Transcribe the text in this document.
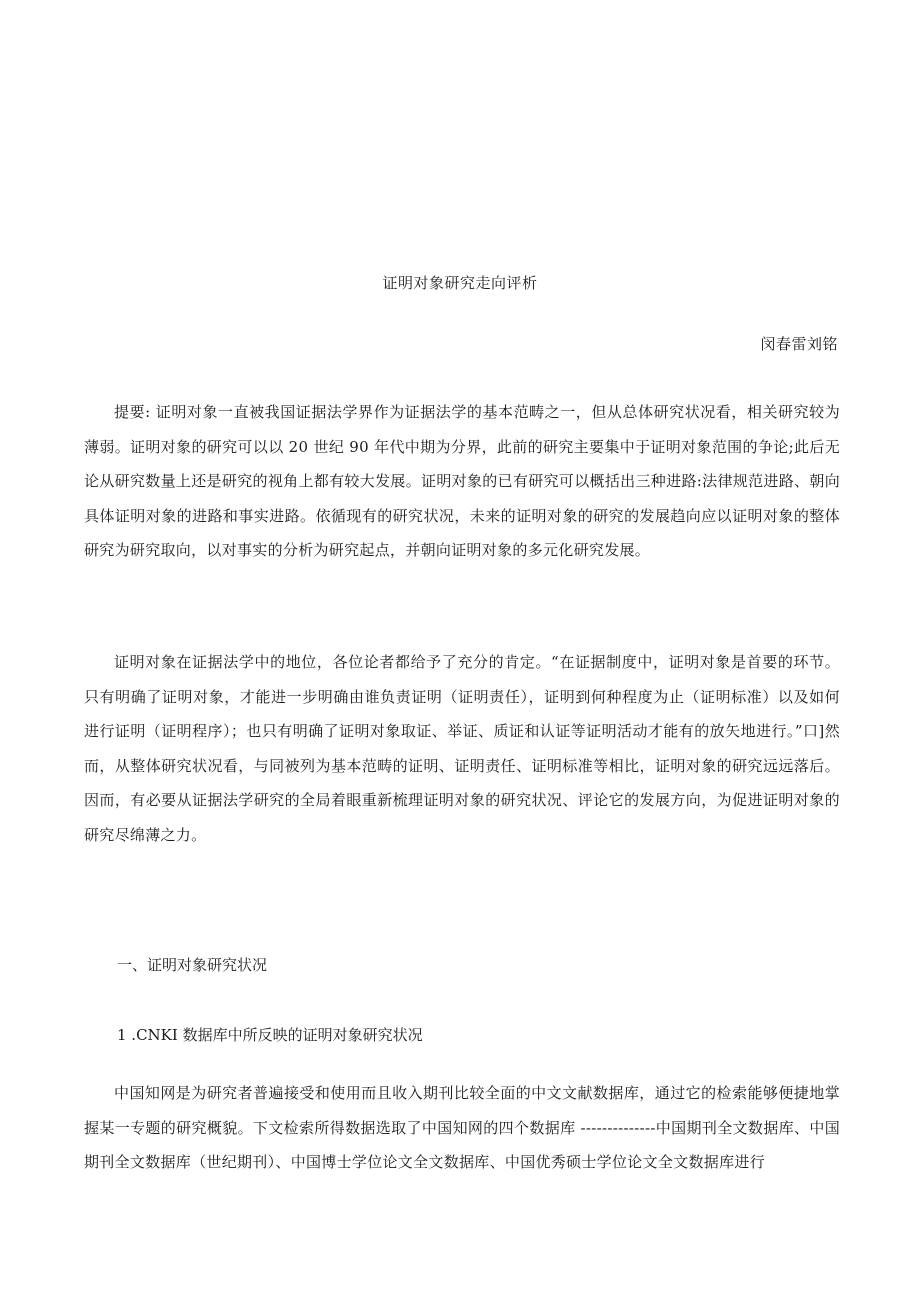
证明对象研究走向评析
闵春雷刘铭

提要: 证明对象一直被我国证据法学界作为证据法学的基本范畴之一，但从总体研究状况看，相关研究较为薄弱。证明对象的研究可以以 20 世纪 90 年代中期为分界，此前的研究主要集中于证明对象范围的争论;此后无论从研究数量上还是研究的视角上都有较大发展。证明对象的已有研究可以概括出三种进路:法律规范进路、朝向具体证明对象的进路和事实进路。依循现有的研究状况，未来的证明对象的研究的发展趋向应以证明对象的整体研究为研究取向，以对事实的分析为研究起点，并朝向证明对象的多元化研究发展。

证明对象在证据法学中的地位，各位论者都给予了充分的肯定。“在证据制度中，证明对象是首要的环节。只有明确了证明对象，才能进一步明确由谁负责证明（证明责任），证明到何种程度为止（证明标准）以及如何进行证明（证明程序）；也只有明确了证明对象取证、举证、质证和认证等证明活动才能有的放矢地进行。”口]然而，从整体研究状况看，与同被列为基本范畴的证明、证明责任、证明标准等相比，证明对象的研究远远落后。因而，有必要从证据法学研究的全局着眼重新梳理证明对象的研究状况、评论它的发展方向，为促进证明对象的研究尽绵薄之力。

一、证明对象研究状况
1 .CNKI 数据库中所反映的证明对象研究状况

中国知网是为研究者普遍接受和使用而且收入期刊比较全面的中文文献数据库，通过它的检索能够便捷地掌握某一专题的研究概貌。下文检索所得数据选取了中国知网的四个数据库 --------------中国期刊全文数据库、中国期刊全文数据库（世纪期刊）、中国博士学位论文全文数据库、中国优秀硕士学位论文全文数据库进行
